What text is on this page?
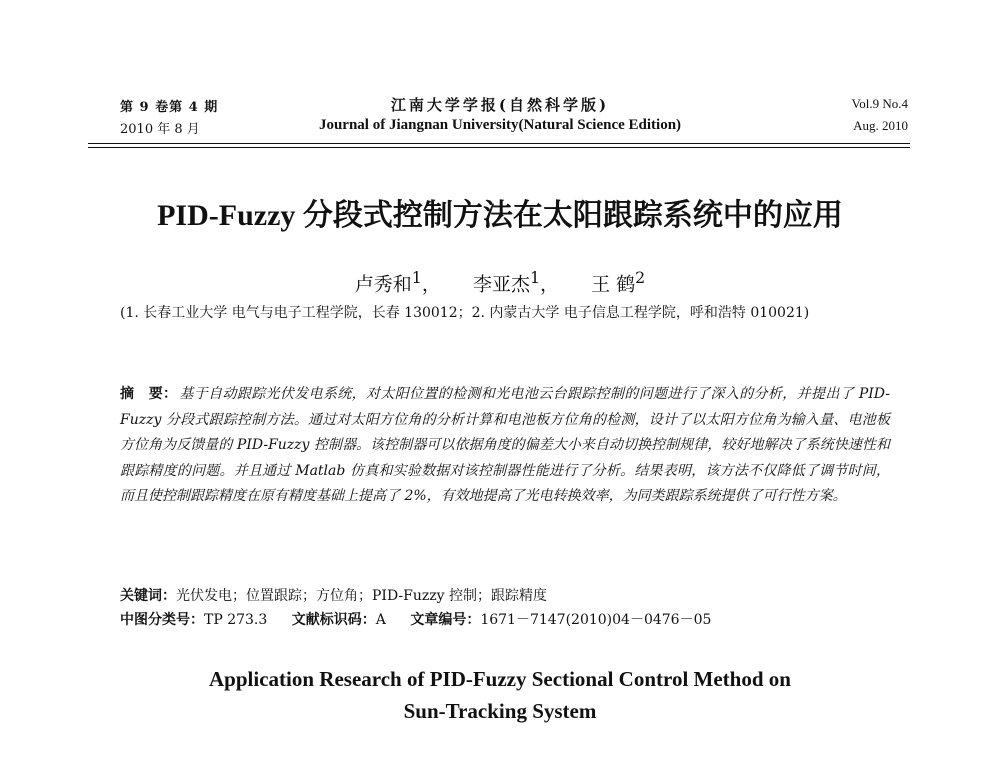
第 9 卷第 4 期
2010 年 8 月
江南大学学报(自然科学版)
Journal of Jiangnan University(Natural Science Edition)
Vol.9 No.4
Aug. 2010
PID-Fuzzy 分段式控制方法在太阳跟踪系统中的应用
卢秀和$^1$， 李亚杰$^1$， 王 鹤$^2$
(1. 长春工业大学 电气与电子工程学院，长春 130012；2. 内蒙古大学 电子信息工程学院，呼和浩特 010021)
摘　要： 基于自动跟踪光伏发电系统，对太阳位置的检测和光电池云台跟踪控制的问题进行了深入的分析，并提出了 PID-Fuzzy 分段式跟踪控制方法。通过对太阳方位角的分析计算和电池板方位角的检测，设计了以太阳方位角为输入量、电池板方位角为反馈量的 PID-Fuzzy 控制器。该控制器可以依据角度的偏差大小来自动切换控制规律，较好地解决了系统快速性和跟踪精度的问题。并且通过 Matlab 仿真和实验数据对该控制器性能进行了分析。结果表明，该方法不仅降低了调节时间，而且使控制跟踪精度在原有精度基础上提高了 2%，有效地提高了光电转换效率，为同类跟踪系统提供了可行性方案。
关键词：光伏发电；位置跟踪；方位角；PID-Fuzzy 控制；跟踪精度
中图分类号：TP 273.3 文献标识码：A 文章编号：1671－7147(2010)04－0476－05
Application Research of PID-Fuzzy Sectional Control Method on
Sun-Tracking System
